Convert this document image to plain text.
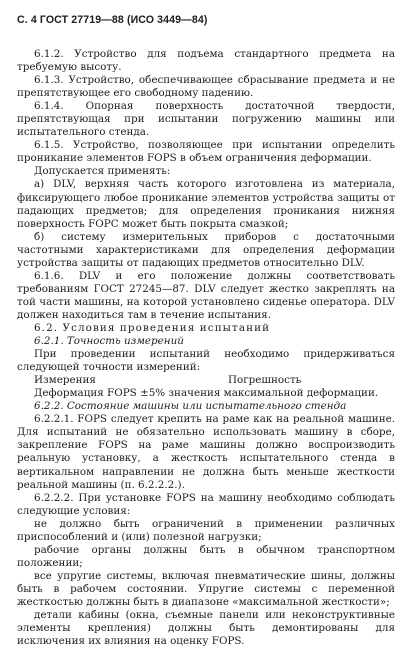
С. 4 ГОСТ 27719—88 (ИСО 3449—84)

6.1.2. Устройство для подъема стандартного предмета на требуемую высоту.

6.1.3. Устройство, обеспечивающее сбрасывание предмета и не препятствующее его свободному падению.

6.1.4. Опорная поверхность достаточной твердости, препятствующая при испытании погружению машины или испытательного стенда.

6.1.5. Устройство, позволяющее при испытании определить проникание элементов FOPS в объем ограничения деформации.

Допускается применять:

а) DLV, верхняя часть которого изготовлена из материала, фиксирующего любое проникание элементов устройства защиты от падающих предметов; для определения проникания нижняя поверхность FOPC может быть покрыта смазкой;

б) систему измерительных приборов с достаточными частотными характеристиками для определения деформации устройства защиты от падающих предметов относительно DLV.

6.1.6. DLV и его положение должны соответствовать требованиям ГОСТ 27245—87. DLV следует жестко закреплять на той части машины, на которой установлено сиденье оператора. DLV должен находиться там в течение испытания.

6.2. Условия проведения испытаний

6.2.1. Точность измерений

При проведении испытаний необходимо придерживаться следующей точности измерений:

Измерения	Погрешность

Деформация FOPS ±5% значения максимальной деформации.

6.2.2. Состояние машины или испытательного стенда

6.2.2.1. FOPS следует крепить на раме как на реальной машине. Для испытаний не обязательно использовать машину в сборе, закрепление FOPS на раме машины должно воспроизводить реальную установку, а жесткость испытательного стенда в вертикальном направлении не должна быть меньше жесткости реальной машины (п. 6.2.2.2.).

6.2.2.2. При установке FOPS на машину необходимо соблюдать следующие условия:

не должно быть ограничений в применении различных приспособлений и (или) полезной нагрузки;

рабочие органы должны быть в обычном транспортном положении;

все упругие системы, включая пневматические шины, должны быть в рабочем состоянии. Упругие системы с переменной жесткостью должны быть в диапазоне «максимальной жесткости»;

детали кабины (окна, съемные панели или неконструктивные элементы крепления) должны быть демонтированы для исключения их влияния на оценку FOPS.
